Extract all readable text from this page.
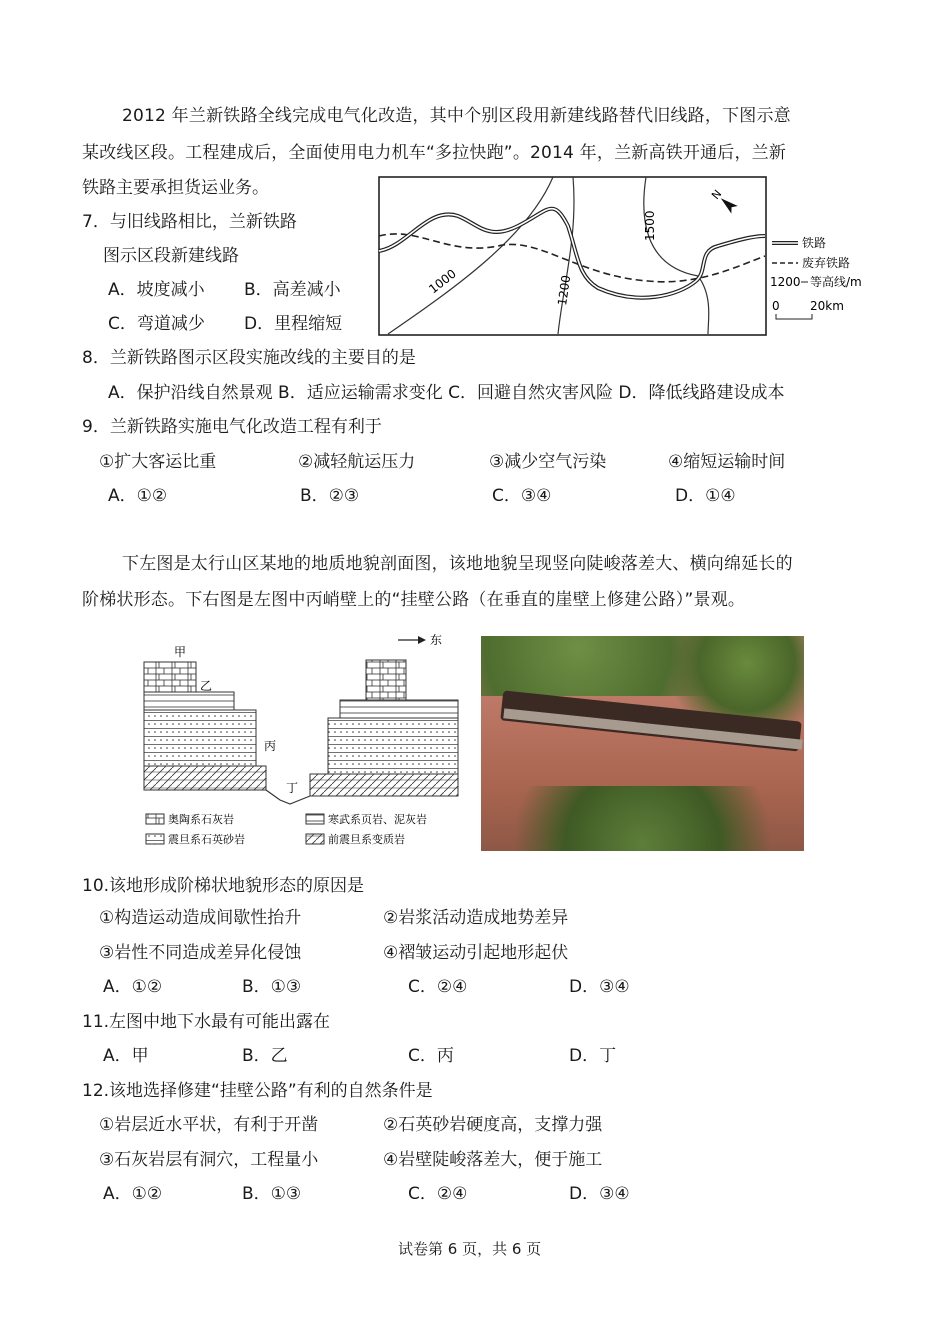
2012 年兰新铁路全线完成电气化改造，其中个别区段用新建线路替代旧线路，下图示意
某改线区段。工程建成后，全面使用电力机车“多拉快跑”。2014 年，兰新高铁开通后，兰新
铁路主要承担货运业务。
1000	1200
1500
N
铁路
废弃铁路
1200 等高线/m
0	20km
7．与旧线路相比，兰新铁路
图示区段新建线路
A．坡度减小 B．高差减小
C．弯道减少 D．里程缩短
8．兰新铁路图示区段实施改线的主要目的是
A．保护沿线自然景观 B．适应运输需求变化 C．回避自然灾害风险 D．降低线路建设成本
9．兰新铁路实施电气化改造工程有利于
①扩大客运比重	②减轻航运压力	③减少空气污染	④缩短运输时间
A．①②	B．②③	C．③④	D．①④
下左图是太行山区某地的地质地貌剖面图，该地地貌呈现竖向陡峻落差大、横向绵延长的
阶梯状形态。下右图是左图中丙峭壁上的“挂壁公路（在垂直的崖壁上修建公路）”景观。
甲
乙
丙
丁
东
奥陶系石灰岩	寒武系页岩、泥灰岩
震旦系石英砂岩	前震旦系变质岩
10.该地形成阶梯状地貌形态的原因是
①构造运动造成间歇性抬升	②岩浆活动造成地势差异
③岩性不同造成差异化侵蚀	④褶皱运动引起地形起伏
A．①②	B．①③	C．②④	D．③④
11.左图中地下水最有可能出露在
A．甲	B．乙	C．丙	D．丁
12.该地选择修建“挂壁公路”有利的自然条件是
①岩层近水平状，有利于开凿	②石英砂岩硬度高，支撑力强
③石灰岩层有洞穴，工程量小	④岩壁陡峻落差大，便于施工
A．①②	B．①③	C．②④	D．③④
试卷第 6 页，共 6 页
